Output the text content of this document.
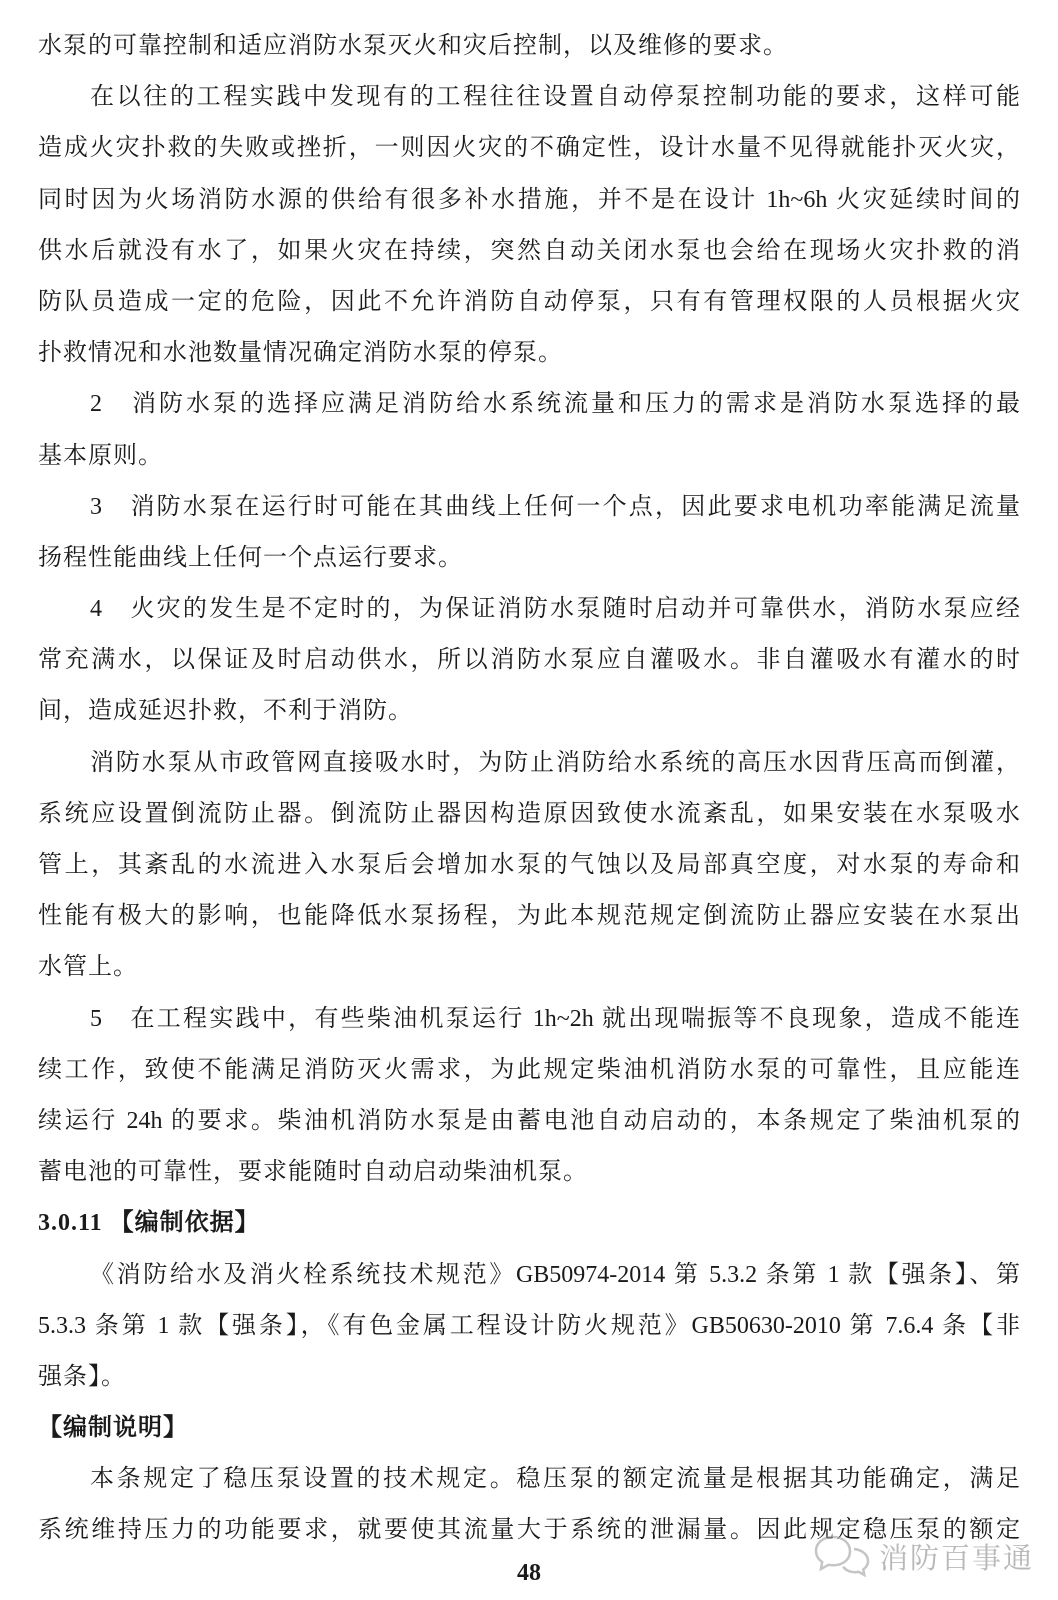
水泵的可靠控制和适应消防水泵灭火和灾后控制，以及维修的要求。
在以往的工程实践中发现有的工程往往设置自动停泵控制功能的要求，这样可能
造成火灾扑救的失败或挫折，一则因火灾的不确定性，设计水量不见得就能扑灭火灾，
同时因为火场消防水源的供给有很多补水措施，并不是在设计 1h~6h 火灾延续时间的
供水后就没有水了，如果火灾在持续，突然自动关闭水泵也会给在现场火灾扑救的消
防队员造成一定的危险，因此不允许消防自动停泵，只有有管理权限的人员根据火灾
扑救情况和水池数量情况确定消防水泵的停泵。
2　消防水泵的选择应满足消防给水系统流量和压力的需求是消防水泵选择的最
基本原则。
3　消防水泵在运行时可能在其曲线上任何一个点，因此要求电机功率能满足流量
扬程性能曲线上任何一个点运行要求。
4　火灾的发生是不定时的，为保证消防水泵随时启动并可靠供水，消防水泵应经
常充满水，以保证及时启动供水，所以消防水泵应自灌吸水。非自灌吸水有灌水的时
间，造成延迟扑救，不利于消防。
消防水泵从市政管网直接吸水时，为防止消防给水系统的高压水因背压高而倒灌，
系统应设置倒流防止器。倒流防止器因构造原因致使水流紊乱，如果安装在水泵吸水
管上，其紊乱的水流进入水泵后会增加水泵的气蚀以及局部真空度，对水泵的寿命和
性能有极大的影响，也能降低水泵扬程，为此本规范规定倒流防止器应安装在水泵出
水管上。
5　在工程实践中，有些柴油机泵运行 1h~2h 就出现喘振等不良现象，造成不能连
续工作，致使不能满足消防灭火需求，为此规定柴油机消防水泵的可靠性，且应能连
续运行 24h 的要求。柴油机消防水泵是由蓄电池自动启动的，本条规定了柴油机泵的
蓄电池的可靠性，要求能随时自动启动柴油机泵。
3.0.11 【编制依据】
《消防给水及消火栓系统技术规范》GB50974-2014 第 5.3.2 条第 1 款【强条】、第
5.3.3 条第 1 款【强条】，《有色金属工程设计防火规范》GB50630-2010 第 7.6.4 条【非
强条】。
【编制说明】
本条规定了稳压泵设置的技术规定。稳压泵的额定流量是根据其功能确定，满足
系统维持压力的功能要求，就要使其流量大于系统的泄漏量。因此规定稳压泵的额定
消防百事通
48
